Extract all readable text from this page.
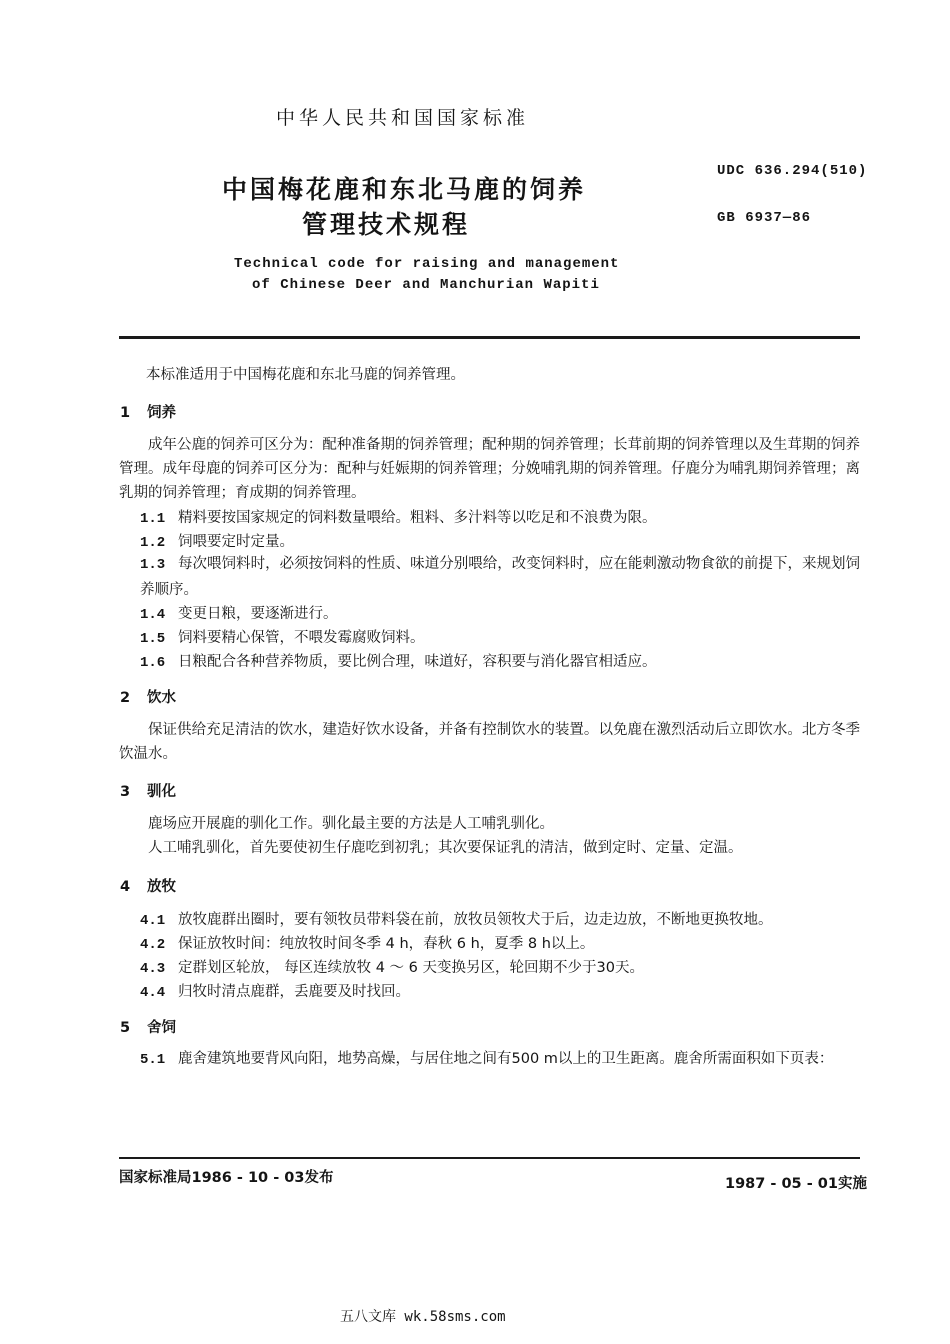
中华人民共和国国家标准
中国梅花鹿和东北马鹿的饲养
管理技术规程
UDC 636.294(510)
GB 6937—86
Technical code for raising and management
of Chinese Deer and Manchurian Wapiti
本标准适用于中国梅花鹿和东北马鹿的饲养管理。
1 饲养
成年公鹿的饲养可区分为：配种准备期的饲养管理；配种期的饲养管理；长茸前期的饲养管理以及生茸期的饲养管理。成年母鹿的饲养可区分为：配种与妊娠期的饲养管理；分娩哺乳期的饲养管理。仔鹿分为哺乳期饲养管理；离乳期的饲养管理；育成期的饲养管理。
1.1 精料要按国家规定的饲料数量喂给。粗料、多汁料等以吃足和不浪费为限。
1.2 饲喂要定时定量。
1.3 每次喂饲料时，必须按饲料的性质、味道分别喂给，改变饲料时，应在能刺激动物食欲的前提下，来规划饲养顺序。
1.4 变更日粮，要逐渐进行。
1.5 饲料要精心保管，不喂发霉腐败饲料。
1.6 日粮配合各种营养物质，要比例合理，味道好，容积要与消化器官相适应。
2 饮水
保证供给充足清洁的饮水，建造好饮水设备，并备有控制饮水的装置。以免鹿在激烈活动后立即饮水。北方冬季饮温水。
3 驯化
鹿场应开展鹿的驯化工作。驯化最主要的方法是人工哺乳驯化。
人工哺乳驯化，首先要使初生仔鹿吃到初乳；其次要保证乳的清洁，做到定时、定量、定温。
4 放牧
4.1 放牧鹿群出圈时，要有领牧员带料袋在前，放牧员领牧犬于后，边走边放，不断地更换牧地。
4.2 保证放牧时间：纯放牧时间冬季 4 h，春秋 6 h，夏季 8 h以上。
4.3 定群划区轮放， 每区连续放牧 4 ～ 6 天变换另区，轮回期不少于30天。
4.4 归牧时清点鹿群，丢鹿要及时找回。
5 舍饲
5.1 鹿舍建筑地要背风向阳，地势高燥，与居住地之间有500 m以上的卫生距离。鹿舍所需面积如下页表：
国家标准局1986 - 10 - 03发布	1987 - 05 - 01实施
五八文库 wk.58sms.com
